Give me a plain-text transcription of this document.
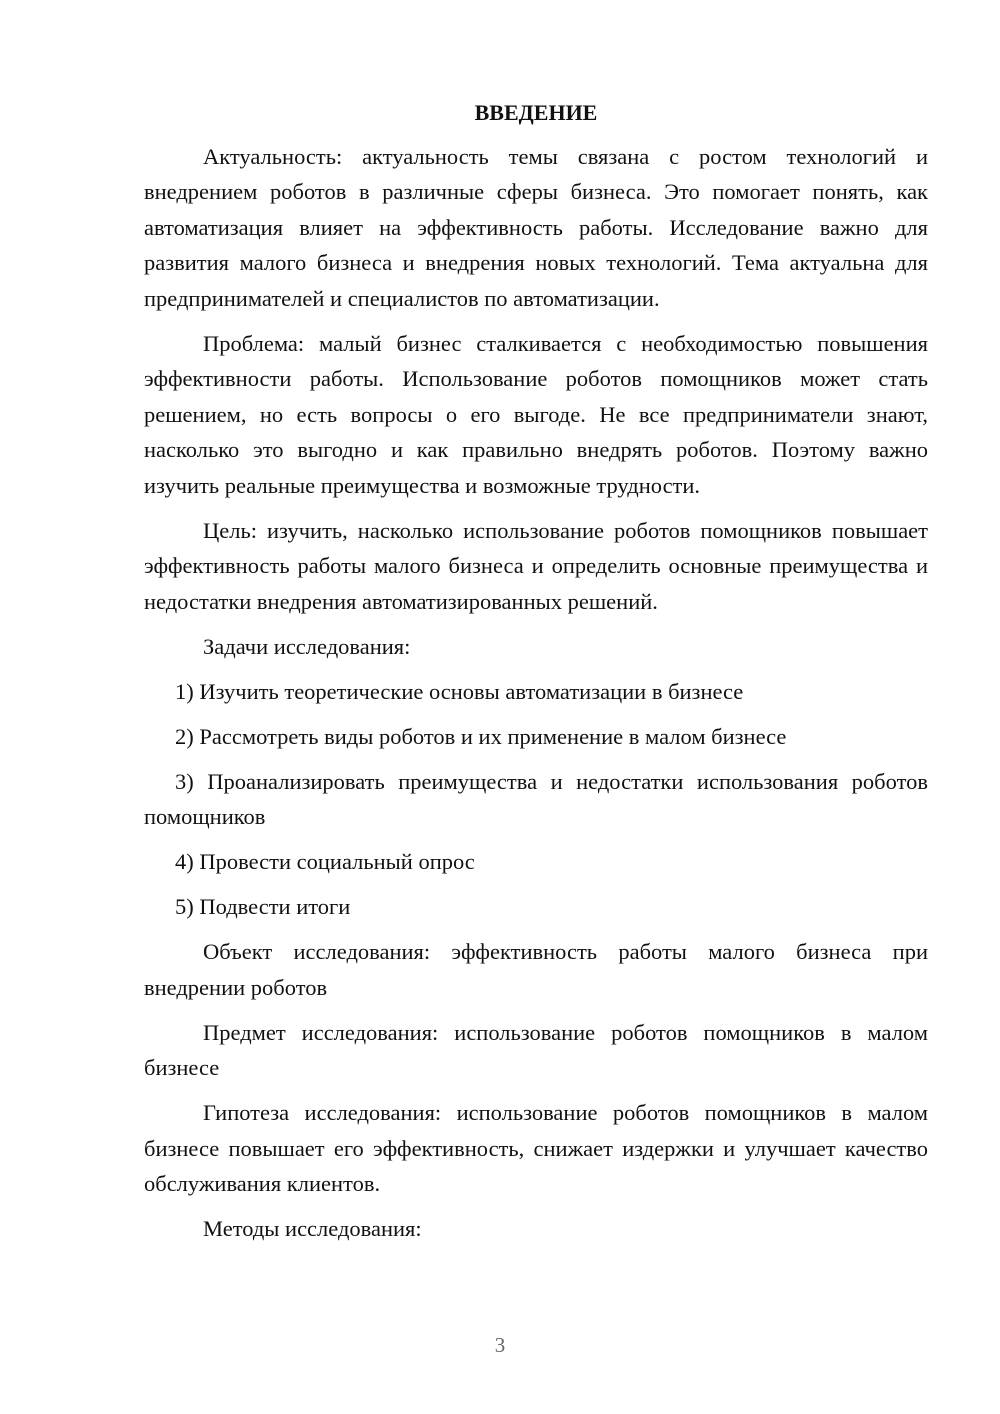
ВВЕДЕНИЕ

Актуальность: актуальность темы связана с ростом технологий и внедрением роботов в различные сферы бизнеса. Это помогает понять, как автоматизация влияет на эффективность работы. Исследование важно для развития малого бизнеса и внедрения новых технологий. Тема актуальна для предпринимателей и специалистов по автоматизации.

Проблема: малый бизнес сталкивается с необходимостью повышения эффективности работы. Использование роботов помощников может стать решением, но есть вопросы о его выгоде. Не все предприниматели знают, насколько это выгодно и как правильно внедрять роботов. Поэтому важно изучить реальные преимущества и возможные трудности.

Цель: изучить, насколько использование роботов помощников повышает эффективность работы малого бизнеса и определить основные преимущества и недостатки внедрения автоматизированных решений.

Задачи исследования:

1) Изучить теоретические основы автоматизации в бизнесе

2) Рассмотреть виды роботов и их применение в малом бизнесе

3) Проанализировать преимущества и недостатки использования роботов помощников

4) Провести социальный опрос

5) Подвести итоги

Объект исследования: эффективность работы малого бизнеса при внедрении роботов

Предмет исследования: использование роботов помощников в малом бизнесе

Гипотеза исследования: использование роботов помощников в малом бизнесе повышает его эффективность, снижает издержки и улучшает качество обслуживания клиентов.

Методы исследования:

3
